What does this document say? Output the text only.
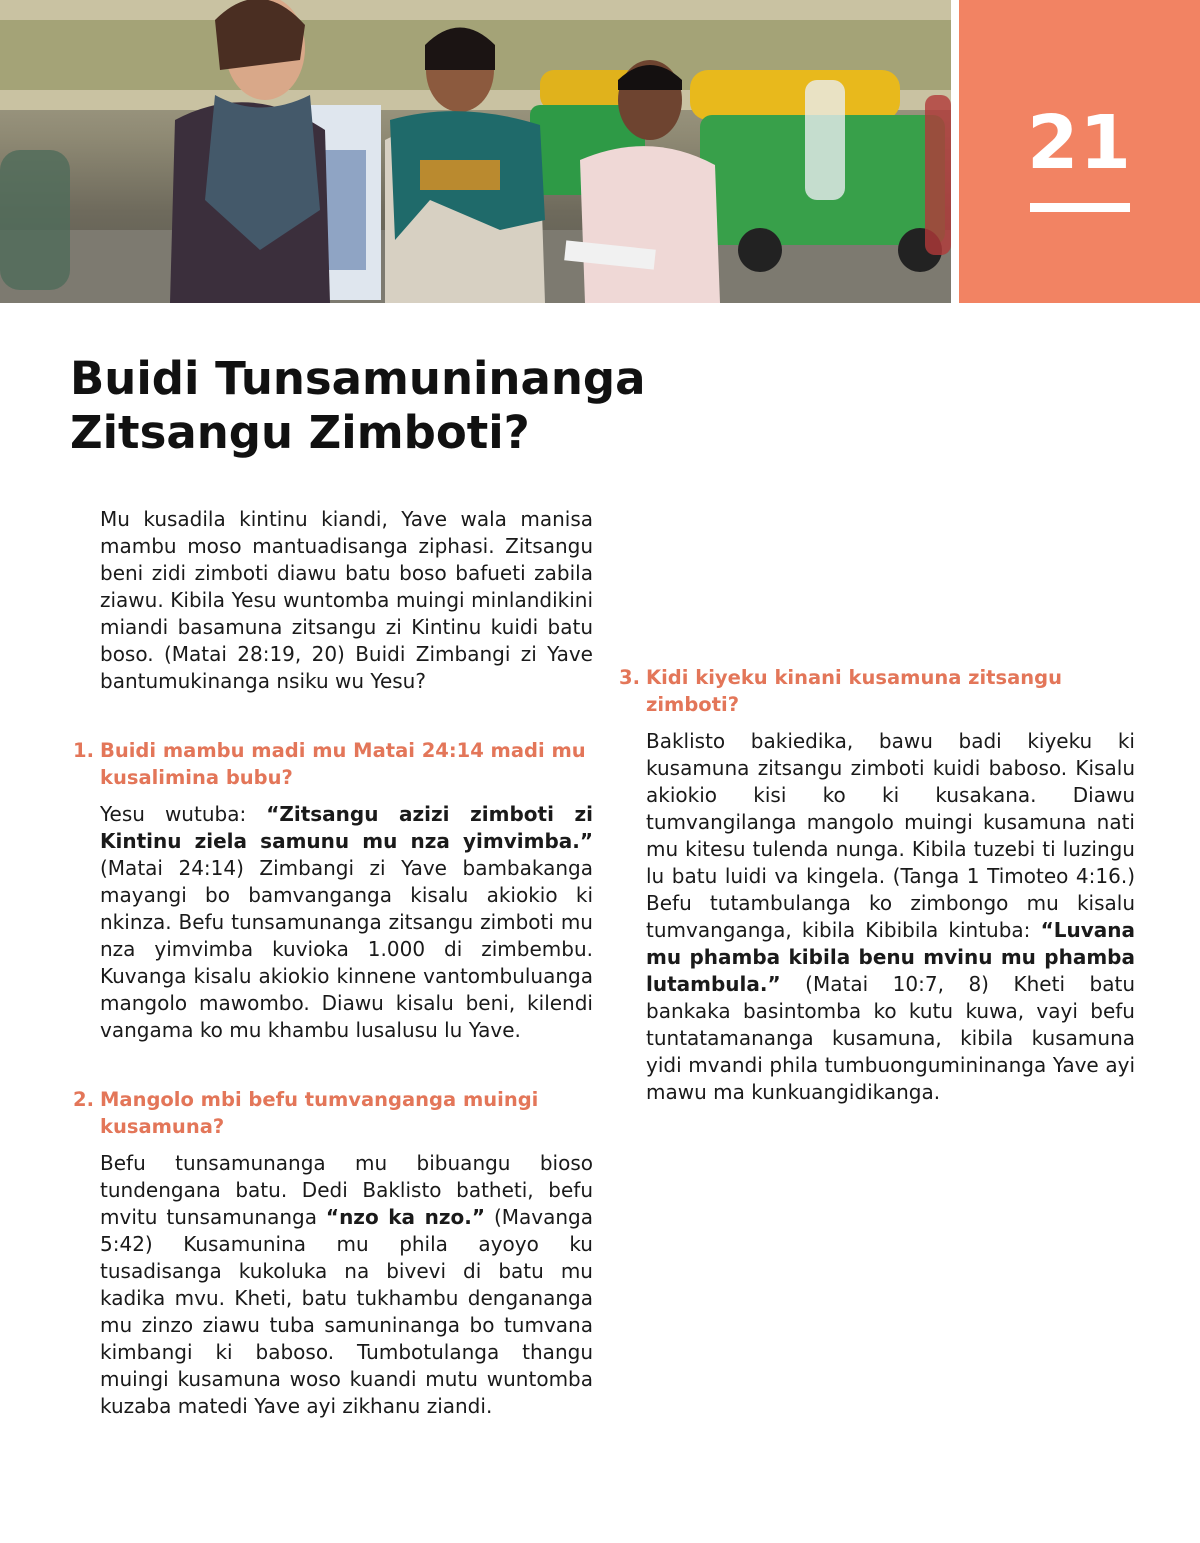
21
Buidi Tunsamuninanga
Zitsangu Zimboti?

Mu kusadila kintinu kiandi, Yave wala manisa mambu moso mantuadisanga ziphasi. Zitsangu beni zidi zimboti diawu batu boso bafueti zabila ziawu. Kibila Yesu wuntomba muingi minlandikini miandi basamuna zitsangu zi Kintinu kuidi batu boso. (Matai 28:19, 20) Buidi Zimbangi zi Yave bantumukinanga nsiku wu Yesu?

1. Buidi mambu madi mu Matai 24:14 madi mu kusalimina bubu?

Yesu wutuba: “Zitsangu azizi zimboti zi Kintinu ziela samunu mu nza yimvimba.” (Matai 24:14) Zimbangi zi Yave bambakanga mayangi bo bamvanganga kisalu akiokio ki nkinza. Befu tunsamunanga zitsangu zimboti mu nza yimvimba kuvioka 1.000 di zimbembu. Kuvanga kisalu akiokio kinnene vantombuluanga mangolo mawombo. Diawu kisalu beni, kilendi vangama ko mu khambu lusalusu lu Yave.

2. Mangolo mbi befu tumvanganga muingi kusamuna?

Befu tunsamunanga mu bibuangu bioso tundengana batu. Dedi Baklisto batheti, befu mvitu tunsamunanga “nzo ka nzo.” (Mavanga 5:42) Kusamunina mu phila ayoyo ku tusadisanga kukoluka na bivevi di batu mu kadika mvu. Kheti, batu tukhambu dengananga mu zinzo ziawu tuba samuninanga bo tumvana kimbangi ki baboso. Tumbotulanga thangu muingi kusamuna woso kuandi mutu wuntomba kuzaba matedi Yave ayi zikhanu ziandi.

3. Kidi kiyeku kinani kusamuna zitsangu zimboti?

Baklisto bakiedika, bawu badi kiyeku ki kusamuna zitsangu zimboti kuidi baboso. Kisalu akiokio kisi ko ki kusakana. Diawu tumvangilanga mangolo muingi kusamuna nati mu kitesu tulenda nunga. Kibila tuzebi ti luzingu lu batu luidi va kingela. (Tanga 1 Timoteo 4:16.) Befu tutambulanga ko zimbongo mu kisalu tumvanganga, kibila Kibibila kintuba: “Luvana mu phamba kibila benu mvinu mu phamba lutambula.” (Matai 10:7, 8) Kheti batu bankaka basintomba ko kutu kuwa, vayi befu tuntatamananga kusamuna, kibila kusamuna yidi mvandi phila tumbuongumininanga Yave ayi mawu ma kunkuangidikanga.
